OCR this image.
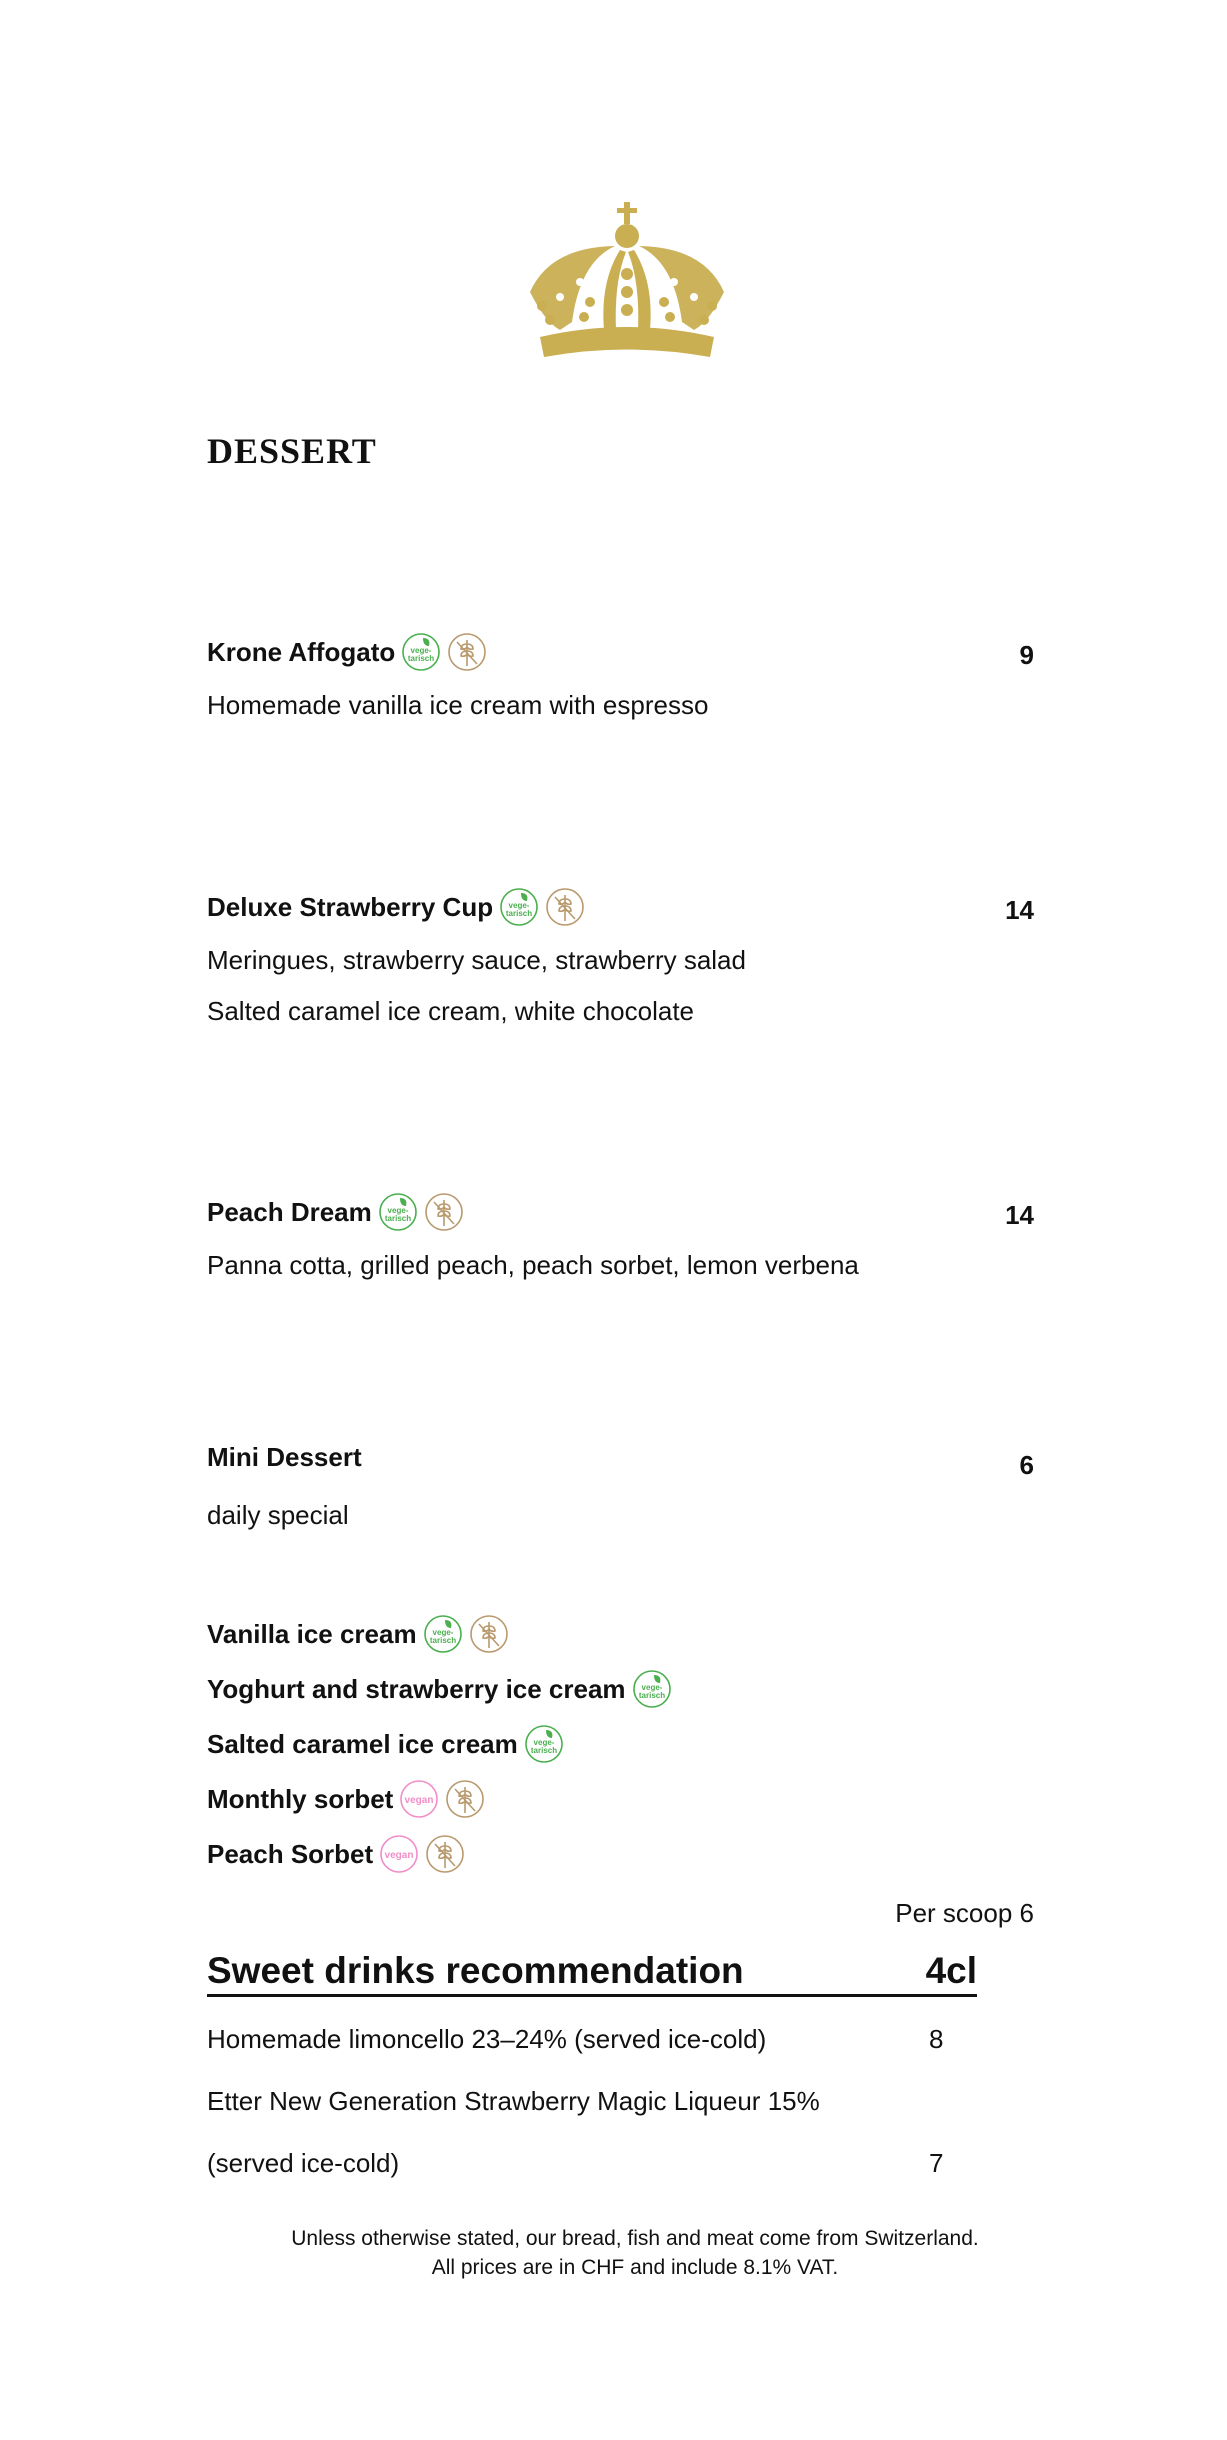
DESSERT
Krone Affogato vege-
tarisch	9
Homemade vanilla ice cream with espresso
Deluxe Strawberry Cup vege-
tarisch	14
Meringues, strawberry sauce, strawberry salad
Salted caramel ice cream, white chocolate
Peach Dream vege-
tarisch	14
Panna cotta, grilled peach, peach sorbet, lemon verbena
Mini Dessert	6
daily special
Vanilla ice cream vege-
tarisch
Yoghurt and strawberry ice cream vege-
tarisch
Salted caramel ice cream vege-
tarisch
Monthly sorbet vegan
Peach Sorbet vegan
Per scoop 6
Sweet drinks recommendation	4cl
Homemade limoncello 23–24% (served ice-cold)	8
Etter New Generation Strawberry Magic Liqueur 15%
(served ice-cold)	7
Unless otherwise stated, our bread, fish and meat come from Switzerland.
All prices are in CHF and include 8.1% VAT.
